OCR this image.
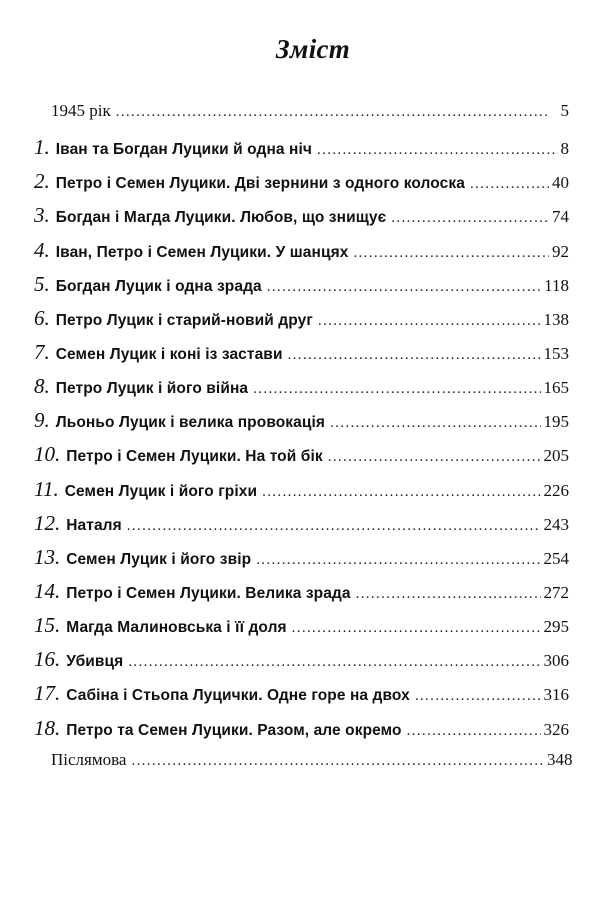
Зміст
1945 рік . . .	5
1. Іван та Богдан Луцики й одна ніч . . .	8
2. Петро і Семен Луцики. Дві зернини з одного колоска . . .	40
3. Богдан і Магда Луцики. Любов, що знищує . . .	74
4. Іван, Петро і Семен Луцики. У шанцях . . .	92
5. Богдан Луцик і одна зрада . . .	118
6. Петро Луцик і старий-новий друг . . .	138
7. Семен Луцик і коні із застави . . .	153
8. Петро Луцик і його війна . . .	165
9. Льоньо Луцик і велика провокація . . .	195
10. Петро і Семен Луцики. На той бік . . .	205
11. Семен Луцик і його гріхи . . .	226
12. Наталя . . .	243
13. Семен Луцик і його звір . . .	254
14. Петро і Семен Луцики. Велика зрада . . .	272
15. Магда Малиновська і її доля . . .	295
16. Убивця . . .	306
17. Сабіна і Стьопа Луцички. Одне горе на двох . . .	316
18. Петро та Семен Луцики. Разом, але окремо . . .	326
Післямова . . .	348
